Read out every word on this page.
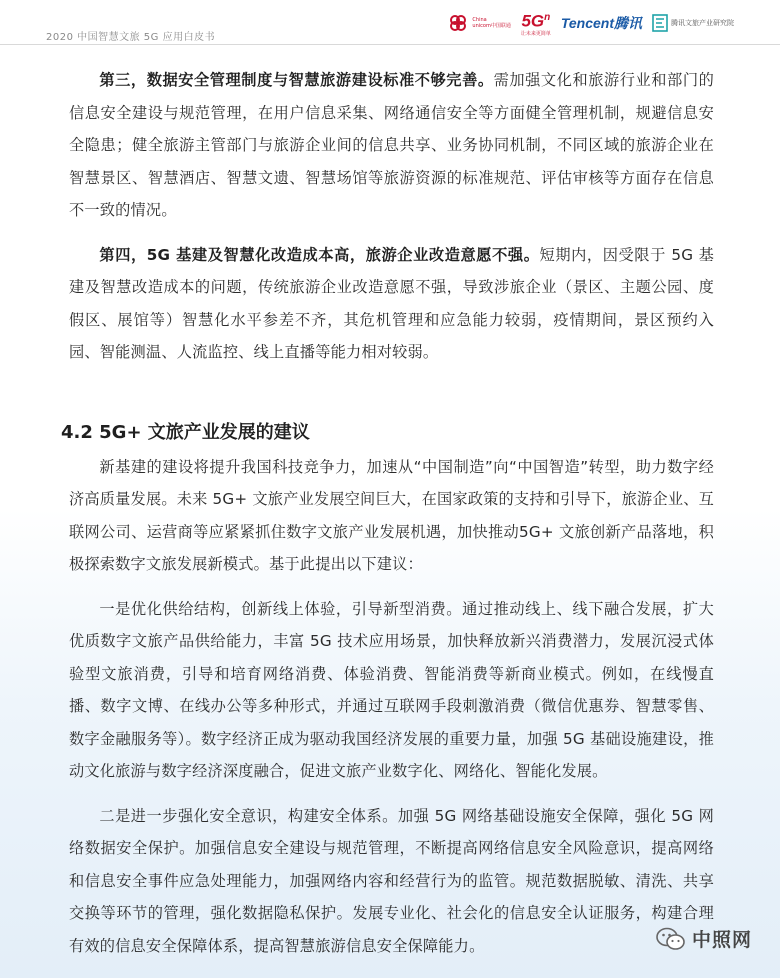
2020 中国智慧文旅 5G 应用白皮书
China
unicom中国联通 $5G^n$
让未来更简单
Tencent腾讯	腾讯文旅产业研究院

第三，数据安全管理制度与智慧旅游建设标准不够完善。需加强文化和旅游行业和部门的信息安全建设与规范管理，在用户信息采集、网络通信安全等方面健全管理机制，规避信息安全隐患；健全旅游主管部门与旅游企业间的信息共享、业务协同机制，不同区域的旅游企业在智慧景区、智慧酒店、智慧文遗、智慧场馆等旅游资源的标准规范、评估审核等方面存在信息不一致的情况。

第四，5G 基建及智慧化改造成本高，旅游企业改造意愿不强。短期内，因受限于 5G 基建及智慧改造成本的问题，传统旅游企业改造意愿不强，导致涉旅企业（景区、主题公园、度假区、展馆等）智慧化水平参差不齐，其危机管理和应急能力较弱，疫情期间，景区预约入园、智能测温、人流监控、线上直播等能力相对较弱。

4.2 5G+ 文旅产业发展的建议

新基建的建设将提升我国科技竞争力，加速从“中国制造”向“中国智造”转型，助力数字经济高质量发展。未来 5G+ 文旅产业发展空间巨大，在国家政策的支持和引导下，旅游企业、互联网公司、运营商等应紧紧抓住数字文旅产业发展机遇，加快推动5G+ 文旅创新产品落地，积极探索数字文旅发展新模式。基于此提出以下建议：

一是优化供给结构，创新线上体验，引导新型消费。通过推动线上、线下融合发展，扩大优质数字文旅产品供给能力，丰富 5G 技术应用场景，加快释放新兴消费潜力，发展沉浸式体验型文旅消费，引导和培育网络消费、体验消费、智能消费等新商业模式。例如，在线慢直播、数字文博、在线办公等多种形式，并通过互联网手段刺激消费（微信优惠券、智慧零售、数字金融服务等）。数字经济正成为驱动我国经济发展的重要力量，加强 5G 基础设施建设，推动文化旅游与数字经济深度融合，促进文旅产业数字化、网络化、智能化发展。

二是进一步强化安全意识，构建安全体系。加强 5G 网络基础设施安全保障，强化 5G 网络数据安全保护。加强信息安全建设与规范管理，不断提高网络信息安全风险意识，提高网络和信息安全事件应急处理能力，加强网络内容和经营行为的监管。规范数据脱敏、清洗、共享交换等环节的管理，强化数据隐私保护。发展专业化、社会化的信息安全认证服务，构建合理有效的信息安全保障体系，提高智慧旅游信息安全保障能力。	中照网
